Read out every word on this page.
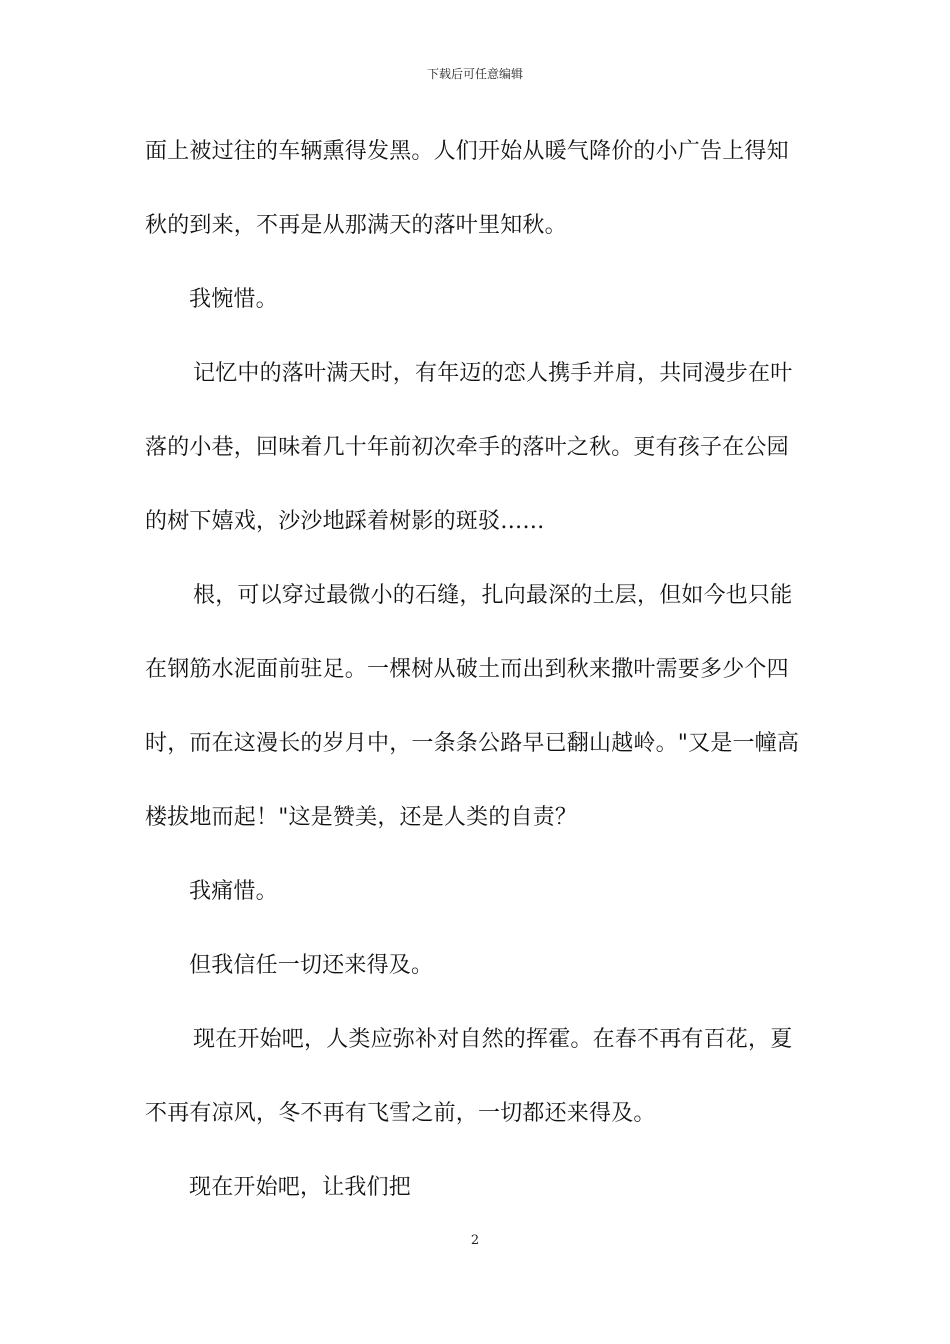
下载后可任意编辑
面上被过往的车辆熏得发黑。人们开始从暖气降价的小广告上得知
秋的到来，不再是从那满天的落叶里知秋。
我惋惜。
记忆中的落叶满天时，有年迈的恋人携手并肩，共同漫步在叶
落的小巷，回味着几十年前初次牵手的落叶之秋。更有孩子在公园
的树下嬉戏，沙沙地踩着树影的斑驳……
根，可以穿过最微小的石缝，扎向最深的土层，但如今也只能
在钢筋水泥面前驻足。一棵树从破土而出到秋来撒叶需要多少个四
时，而在这漫长的岁月中，一条条公路早已翻山越岭。"又是一幢高
楼拔地而起！"这是赞美，还是人类的自责？
我痛惜。
但我信任一切还来得及。
现在开始吧，人类应弥补对自然的挥霍。在春不再有百花，夏
不再有凉风，冬不再有飞雪之前，一切都还来得及。
现在开始吧，让我们把
2
